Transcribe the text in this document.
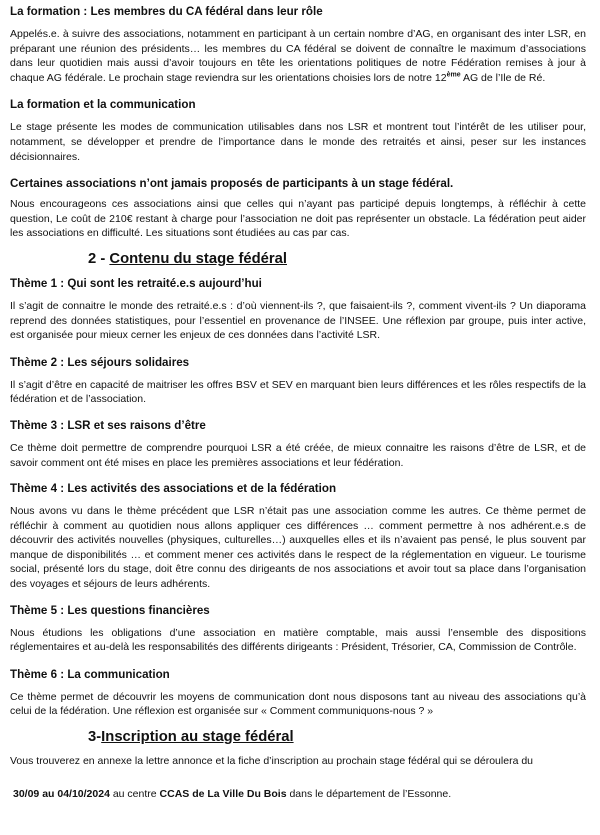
La formation : Les membres du CA fédéral dans leur rôle

Appelés.e. à suivre des associations, notamment en participant à un certain nombre d’AG, en organisant des inter LSR, en préparant une réunion des présidents… les membres du CA fédéral se doivent de connaître le maximum d’associations dans leur quotidien mais aussi d’avoir toujours en tête les orientations politiques de notre Fédération remises à jour à chaque AG fédérale. Le prochain stage reviendra sur les orientations choisies lors de notre 12ème AG de l’Ile de Ré.

La formation et la communication

Le stage présente les modes de communication utilisables dans nos LSR et montrent tout l’intérêt de les utiliser pour, notamment, se développer et prendre de l’importance dans le monde des retraités et ainsi, peser sur les instances décisionnaires.

Certaines associations n’ont jamais proposés de participants à un stage fédéral.

Nous encourageons ces associations ainsi que celles qui n’ayant pas participé depuis longtemps, à réfléchir à cette question, Le coût de 210€ restant à charge pour l’association ne doit pas représenter un obstacle. La fédération peut aider les associations en difficulté. Les situations sont étudiées au cas par cas.

2 - Contenu du stage fédéral

Thème 1 : Qui sont les retraité.e.s aujourd’hui

Il s’agit de connaitre le monde des retraité.e.s : d’où viennent-ils ?, que faisaient-ils ?, comment vivent-ils ? Un diaporama reprend des données statistiques, pour l’essentiel en provenance de l’INSEE. Une réflexion par groupe, puis inter active, est organisée pour mieux cerner les enjeux de ces données dans l’activité LSR.

Thème 2 : Les séjours solidaires

Il s’agit d’être en capacité de maitriser les offres BSV et SEV en marquant bien leurs différences et les rôles respectifs de la fédération et de l’association.

Thème 3 : LSR et ses raisons d’être

Ce thème doit permettre de comprendre pourquoi LSR a été créée, de mieux connaitre les raisons d’être de LSR, et de savoir comment ont été mises en place les premières associations et leur fédération.

Thème 4 : Les activités des associations et de la fédération

Nous avons vu dans le thème précédent que LSR n’était pas une association comme les autres. Ce thème permet de réfléchir à comment au quotidien nous allons appliquer ces différences … comment permettre à nos adhérent.e.s de découvrir des activités nouvelles (physiques, culturelles…) auxquelles elles et ils n’avaient pas pensé, le plus souvent par manque de disponibilités … et comment mener ces activités dans le respect de la réglementation en vigueur. Le tourisme social, présenté lors du stage, doit être connu des dirigeants de nos associations et avoir tout sa place dans l’organisation des voyages et séjours de leurs adhérents.

Thème 5 : Les questions financières

Nous étudions les obligations d’une association en matière comptable, mais aussi l’ensemble des dispositions réglementaires et au-delà les responsabilités des différents dirigeants : Président, Trésorier, CA, Commission de Contrôle.

Thème 6 : La communication

Ce thème permet de découvrir les moyens de communication dont nous disposons tant au niveau des associations qu’à celui de la fédération. Une réflexion est organisée sur « Comment communiquons-nous ? »

3-Inscription au stage fédéral

Vous trouverez en annexe la lettre annonce et la fiche d’inscription au prochain stage fédéral qui se déroulera du

30/09 au 04/10/2024 au centre CCAS de La Ville Du Bois dans le département de l’Essonne.
